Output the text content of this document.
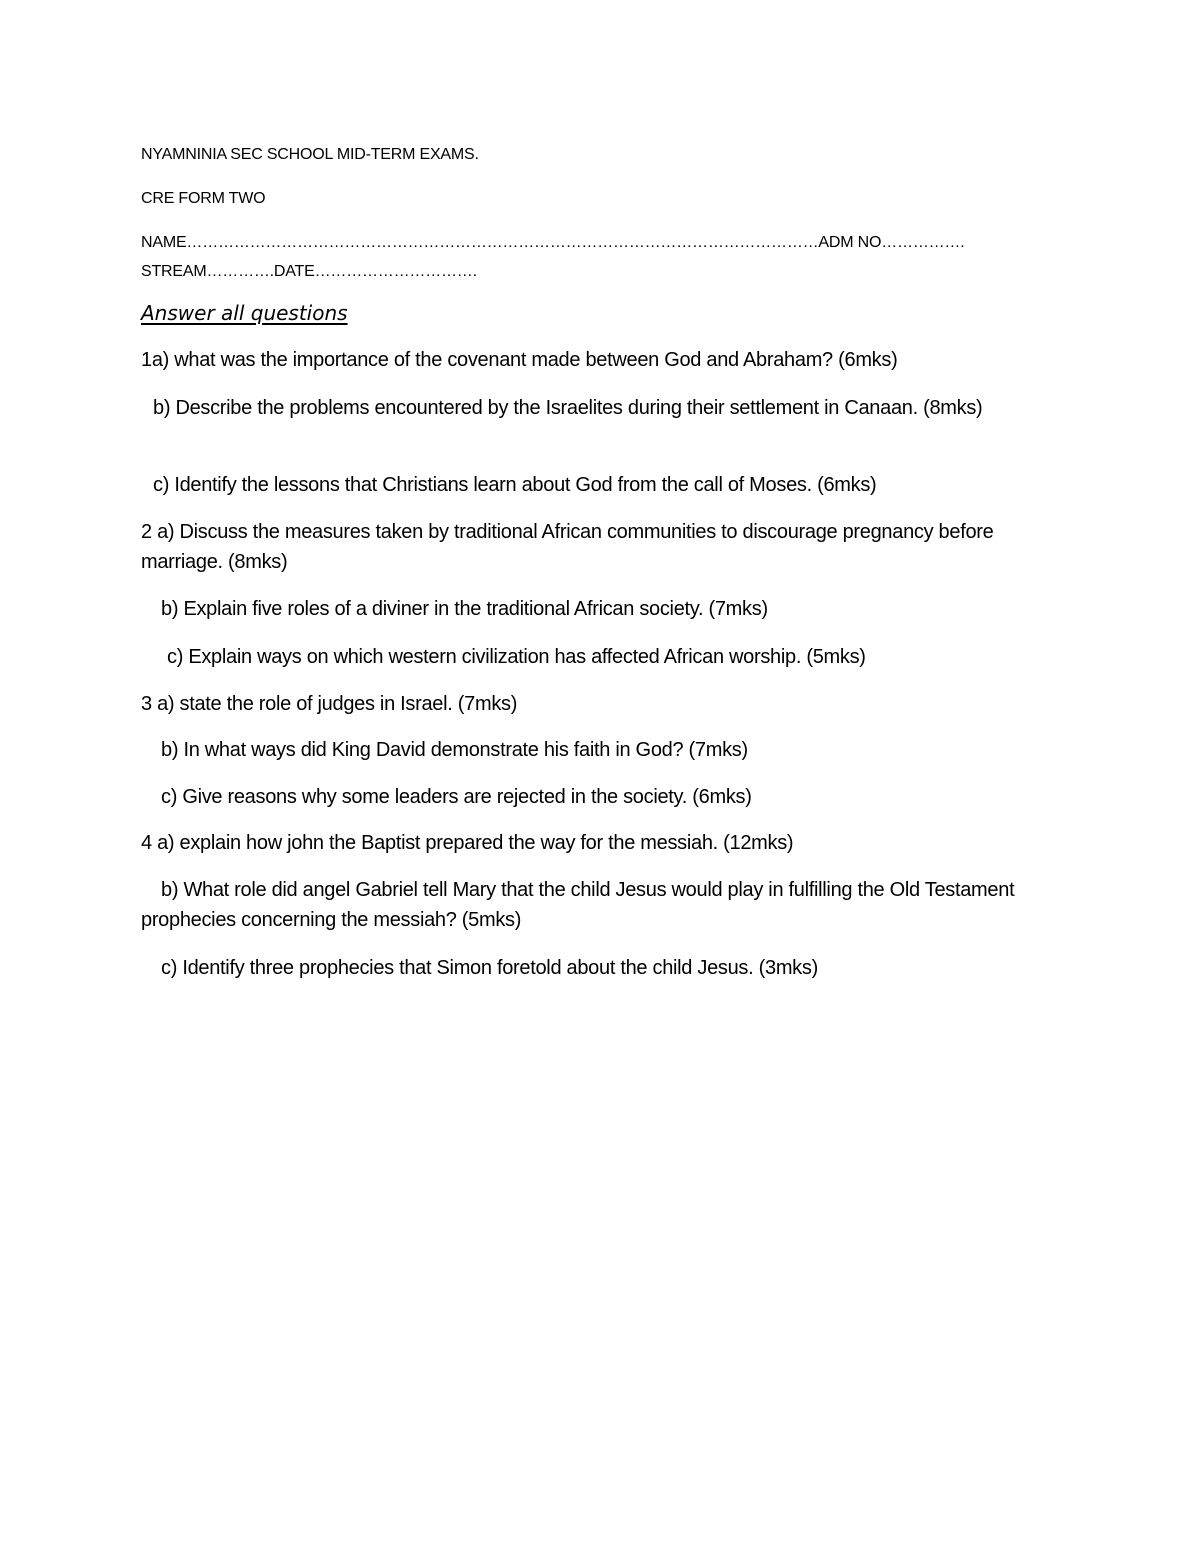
NYAMNINIA SEC SCHOOL MID-TERM EXAMS.
CRE FORM TWO
NAME…………………………………………………………………………………………………………ADM NO…………….
STREAM………….DATE………………………….
Answer all questions
1a) what was the importance of the covenant made between God and Abraham? (6mks)
b) Describe the problems encountered by the Israelites during their settlement in Canaan. (8mks)
c) Identify the lessons that Christians learn about God from the call of Moses. (6mks)
2 a) Discuss the measures taken by traditional African communities to discourage pregnancy before marriage. (8mks)
b) Explain five roles of a diviner in the traditional African society. (7mks)
c) Explain ways on which western civilization has affected African worship. (5mks)
3 a) state the role of judges in Israel. (7mks)
b) In what ways did King David demonstrate his faith in God? (7mks)
c) Give reasons why some leaders are rejected in the society. (6mks)
4 a) explain how john the Baptist prepared the way for the messiah. (12mks)
b) What role did angel Gabriel tell Mary that the child Jesus would play in fulfilling the Old Testament prophecies concerning the messiah? (5mks)
c) Identify three prophecies that Simon foretold about the child Jesus. (3mks)
